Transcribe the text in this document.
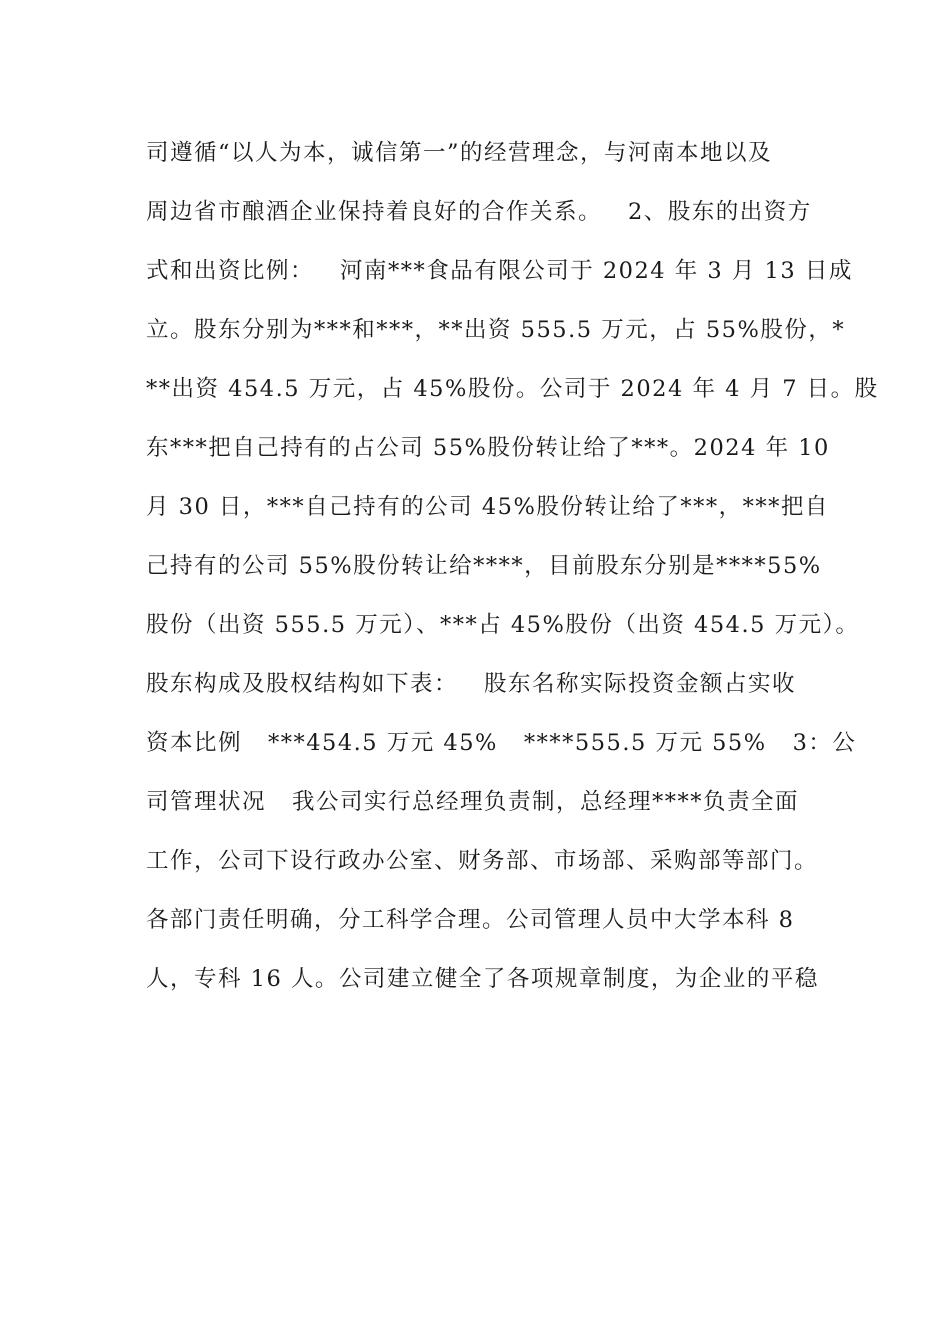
司遵循“以人为本，诚信第一”的经营理念，与河南本地以及
周边省市酿酒企业保持着良好的合作关系。   2、股东的出资方
式和出资比例：   河南***食品有限公司于 2024 年 3 月 13 日成
立。股东分别为***和***，**出资 555.5 万元，占 55%股份，*
**出资 454.5 万元，占 45%股份。公司于 2024 年 4 月 7 日。股
东***把自己持有的占公司 55%股份转让给了***。2024 年 10
月 30 日，***自己持有的公司 45%股份转让给了***，***把自
己持有的公司 55%股份转让给****，目前股东分别是****55%
股份（出资 555.5 万元）、***占 45%股份（出资 454.5 万元）。
股东构成及股权结构如下表：   股东名称实际投资金额占实收
资本比例   ***454.5 万元 45%   ****555.5 万元 55%   3：公
司管理状况   我公司实行总经理负责制，总经理****负责全面
工作，公司下设行政办公室、财务部、市场部、采购部等部门。
各部门责任明确，分工科学合理。公司管理人员中大学本科 8
人，专科 16 人。公司建立健全了各项规章制度，为企业的平稳
